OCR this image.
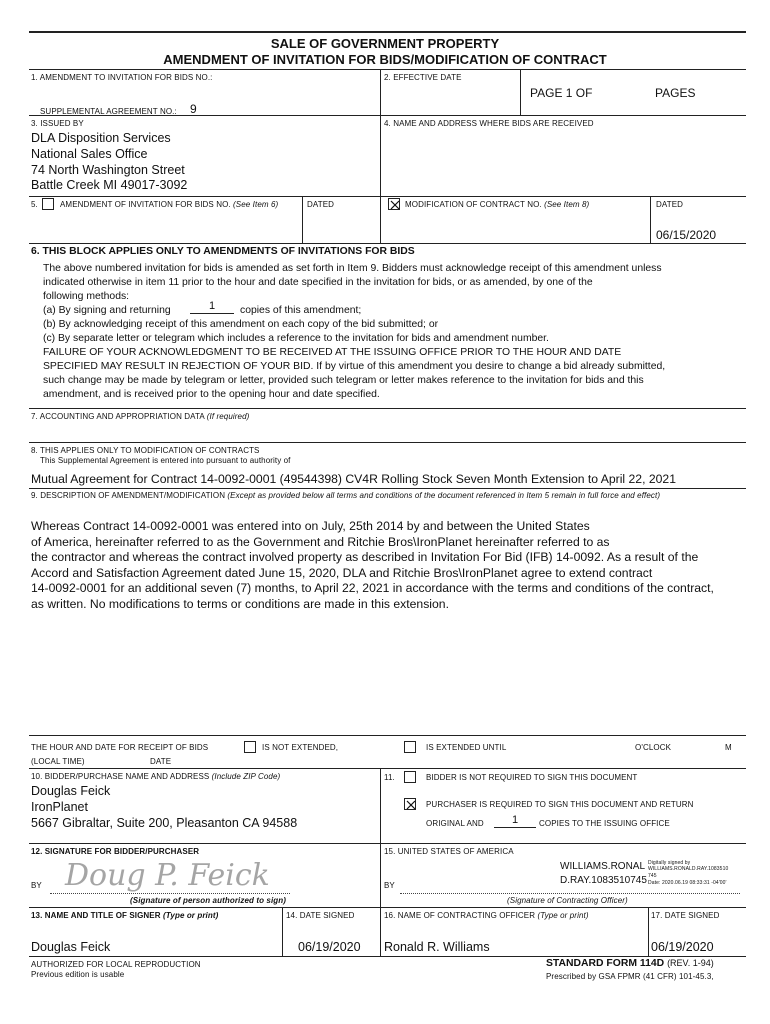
SALE OF GOVERNMENT PROPERTY
AMENDMENT OF INVITATION FOR BIDS/MODIFICATION OF CONTRACT
1. AMENDMENT TO INVITATION FOR BIDS NO.:	2. EFFECTIVE DATE
PAGE 1 OF	PAGES
SUPPLEMENTAL AGREEMENT NO.: 9
3. ISSUED BY
DLA Disposition Services
National Sales Office
74 North Washington Street
Battle Creek MI 49017-3092
4. NAME AND ADDRESS WHERE BIDS ARE RECEIVED
5.	AMENDMENT OF INVITATION FOR BIDS NO. (See Item 6)	DATED	MODIFICATION OF CONTRACT NO. (See Item 8)	DATED
06/15/2020
6. THIS BLOCK APPLIES ONLY TO AMENDMENTS OF INVITATIONS FOR BIDS
The above numbered invitation for bids is amended as set forth in Item 9. Bidders must acknowledge receipt of this amendment unless
indicated otherwise in item 11 prior to the hour and date specified in the invitation for bids, or as amended, by one of the
following methods:
(a) By signing and returning	1	copies of this amendment;
(b) By acknowledging receipt of this amendment on each copy of the bid submitted; or
(c) By separate letter or telegram which includes a reference to the invitation for bids and amendment number.
FAILURE OF YOUR ACKNOWLEDGMENT TO BE RECEIVED AT THE ISSUING OFFICE PRIOR TO THE HOUR AND DATE
SPECIFIED MAY RESULT IN REJECTION OF YOUR BID. If by virtue of this amendment you desire to change a bid already submitted,
such change may be made by telegram or letter, provided such telegram or letter makes reference to the invitation for bids and this
amendment, and is received prior to the opening hour and date specified.
7. ACCOUNTING AND APPROPRIATION DATA (If required)
8. THIS APPLIES ONLY TO MODIFICATION OF CONTRACTS
This Supplemental Agreement is entered into pursuant to authority of
Mutual Agreement for Contract 14-0092-0001 (49544398) CV4R Rolling Stock Seven Month Extension to April 22, 2021
9. DESCRIPTION OF AMENDMENT/MODIFICATION (Except as provided below all terms and conditions of the document referenced in Item 5 remain in full force and effect)
Whereas Contract 14-0092-0001 was entered into on July, 25th 2014 by and between the United States
of America, hereinafter referred to as the Government and Ritchie Bros\IronPlanet hereinafter referred to as
the contractor and whereas the contract involved property as described in Invitation For Bid (IFB) 14-0092. As a result of the
Accord and Satisfaction Agreement dated June 15, 2020, DLA and Ritchie Bros\IronPlanet agree to extend contract
14-0092-0001 for an additional seven (7) months, to April 22, 2021 in accordance with the terms and conditions of the contract,
as written. No modifications to terms or conditions are made in this extension.
THE HOUR AND DATE FOR RECEIPT OF BIDS
(LOCAL TIME)	DATE
IS NOT EXTENDED,	IS EXTENDED UNTIL	O'CLOCK	M
10. BIDDER/PURCHASE NAME AND ADDRESS (Include ZIP Code)
Douglas Feick
IronPlanet
5667 Gibraltar, Suite 200, Pleasanton CA 94588
11.	BIDDER IS NOT REQUIRED TO SIGN THIS DOCUMENT
PURCHASER IS REQUIRED TO SIGN THIS DOCUMENT AND RETURN
ORIGINAL AND	1	COPIES TO THE ISSUING OFFICE
12. SIGNATURE FOR BIDDER/PURCHASER
BY Doug P. Feick
(Signature of person authorized to sign)
15. UNITED STATES OF AMERICA
BY
WILLIAMS.RONAL
D.RAY.1083510745
Digitally signed by
WILLIAMS.RONALD.RAY.1083510
745
Date: 2020.06.19 08:33:31 -04'00'
(Signature of Contracting Officer)
13. NAME AND TITLE OF SIGNER (Type or print)
Douglas Feick
14. DATE SIGNED
06/19/2020
16. NAME OF CONTRACTING OFFICER (Type or print)
Ronald R. Williams
17. DATE SIGNED
06/19/2020
AUTHORIZED FOR LOCAL REPRODUCTION
Previous edition is usable
STANDARD FORM 114D (REV. 1-94)
Prescribed by GSA FPMR (41 CFR) 101-45.3,
